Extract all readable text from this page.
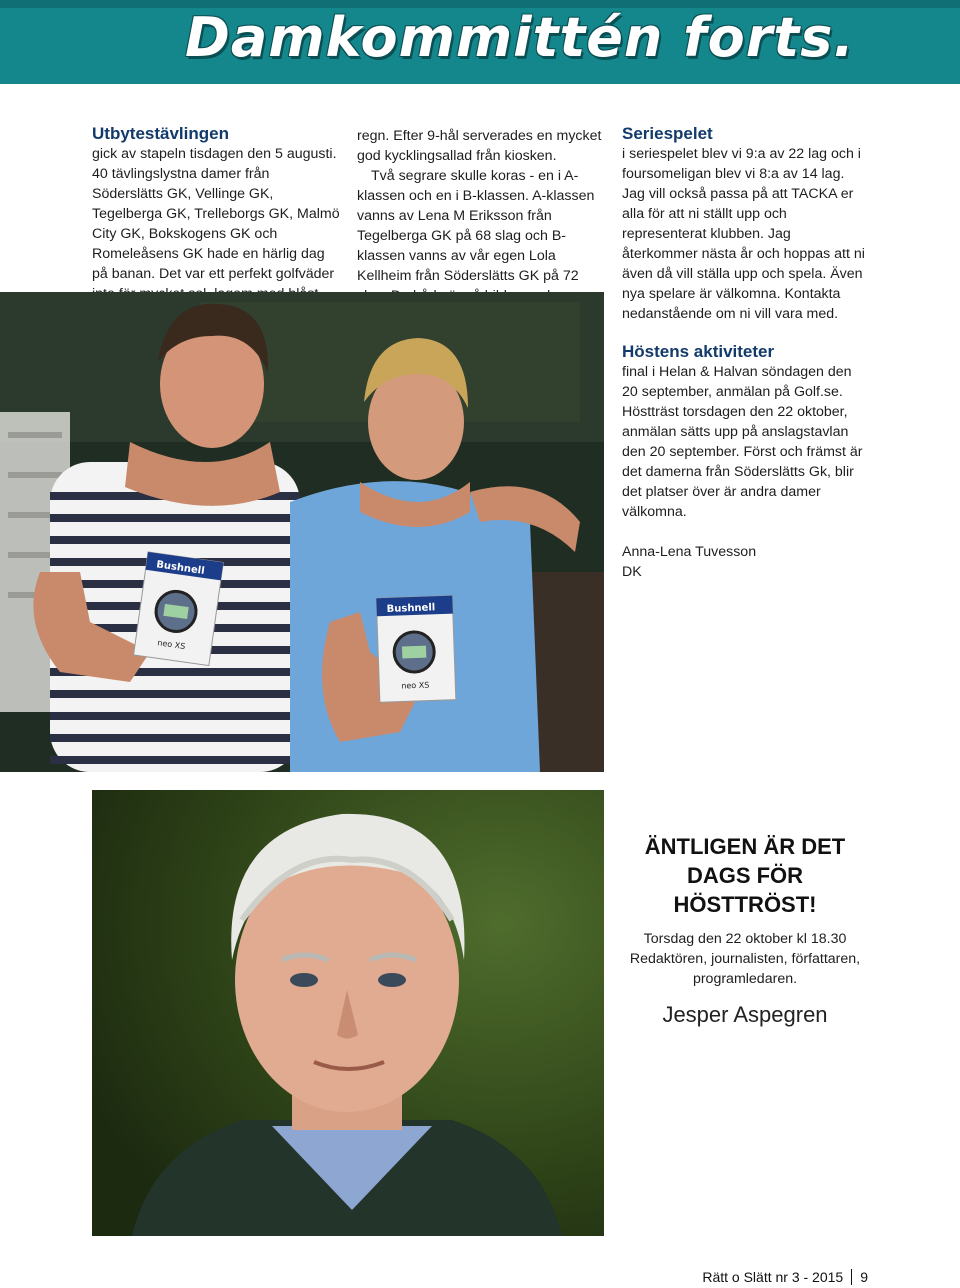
Damkommittén forts.

Utbytestävlingen

gick av stapeln tisdagen den 5 augusti. 40 tävlingslystna damer från Söderslätts GK, Vellinge GK, Tegelberga GK, Trelleborgs GK, Malmö City GK, Bokskogens GK och Romeleåsens GK hade en härlig dag på banan. Det var ett perfekt golfväder

regn. Efter 9-hål serverades en mycket god kycklingsallad från kiosken.

Två segrare skulle koras - en i A-klassen och en i B-klassen. A-klassen vanns av Lena M Eriksson från Tegelberga GK på 68 slag och B-klassen vanns av vår egen Lola Kellheim från Söderslätts GK på 72

Seriespelet

i seriespelet blev vi 9:a av 22 lag och i foursomeligan blev vi 8:a av 14 lag. Jag vill också passa på att TACKA er alla för att ni ställt upp och representerat klubben. Jag återkommer nästa år och hoppas att ni även då vill ställa upp och spela. Även nya spelare är välkomna. Kontakta nedanstående om ni vill vara med.

Höstens aktiviteter

final i Helan & Halvan söndagen den 20 september, anmälan på Golf.se. Höstträst torsdagen den 22 oktober, anmälan sätts upp på anslagstavlan den 20 september. Först och främst är det damerna från Söderslätts Gk, blir det platser över är andra damer välkomna.

Anna-Lena Tuvesson

DK

Bushnell
neo XS
Bushnell
neo XS
ÄNTLIGEN ÄR DET DAGS FÖR HÖSTTRÖST!
Torsdag den 22 oktober kl 18.30
Redaktören, journalisten, författaren, programledaren.
Jesper Aspegren
Rätt o Slätt nr 3 - 2015 9
